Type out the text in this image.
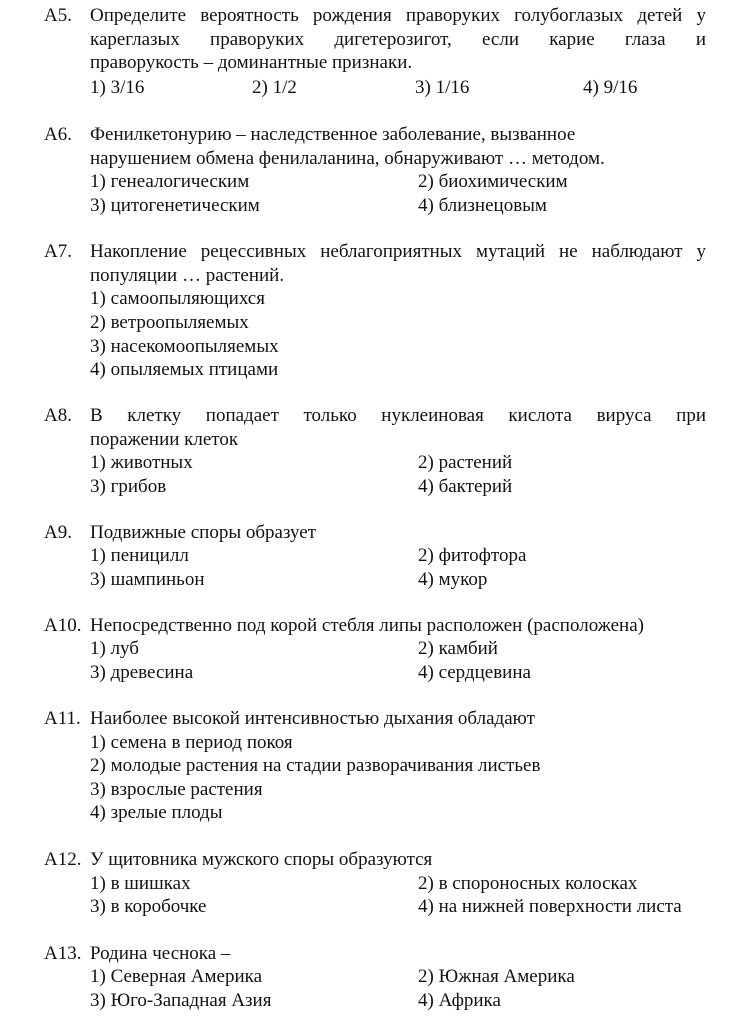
А5. Определите вероятность рождения праворуких голубоглазых детей у
кареглазых праворуких дигетерозигот, если карие глаза и
праворукость – доминантные признаки.
1) 3/16	2) 1/2	3) 1/16	4) 9/16
А6. Фенилкетонурию – наследственное заболевание, вызванное
нарушением обмена фенилаланина, обнаруживают … методом.
1) генеалогическим	2) биохимическим
3) цитогенетическим	4) близнецовым
А7. Накопление рецессивных неблагоприятных мутаций не наблюдают у
популяции … растений.
1) самоопыляющихся
2) ветроопыляемых
3) насекомоопыляемых
4) опыляемых птицами
А8. В клетку попадает только нуклеиновая кислота вируса при
поражении клеток
1) животных	2) растений
3) грибов	4) бактерий
А9. Подвижные споры образует
1) пеницилл	2) фитофтора
3) шампиньон	4) мукор
А10. Непосредственно под корой стебля липы расположен (расположена)
1) луб	2) камбий
3) древесина	4) сердцевина
А11. Наиболее высокой интенсивностью дыхания обладают
1) семена в период покоя
2) молодые растения на стадии разворачивания листьев
3) взрослые растения
4) зрелые плоды
А12. У щитовника мужского споры образуются
1) в шишках	2) в спороносных колосках
3) в коробочке	4) на нижней поверхности листа
А13. Родина чеснока –
1) Северная Америка	2) Южная Америка
3) Юго-Западная Азия	4) Африка
